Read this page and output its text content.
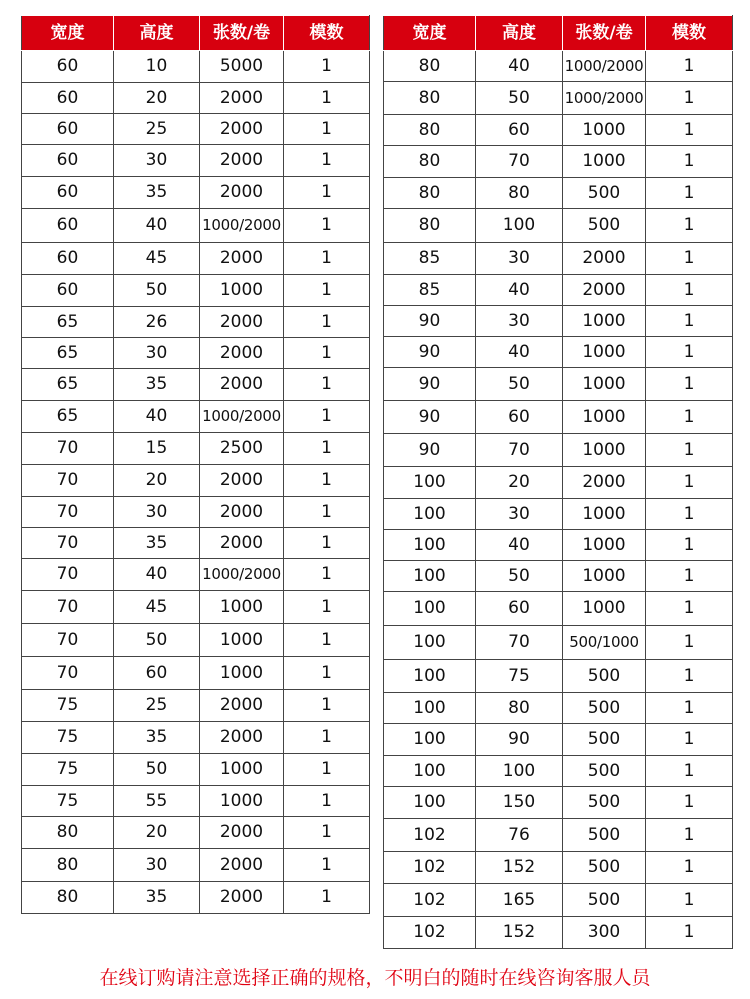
宽度	高度	张数/卷	模数
60	10	5000	1
60	20	2000	1
60	25	2000	1
60	30	2000	1
60	35	2000	1
60	40	1000/2000	1
60	45	2000	1
60	50	1000	1
65	26	2000	1
65	30	2000	1
65	35	2000	1
65	40	1000/2000	1
70	15	2500	1
70	20	2000	1
70	30	2000	1
70	35	2000	1
70	40	1000/2000	1
70	45	1000	1
70	50	1000	1
70	60	1000	1
75	25	2000	1
75	35	2000	1
75	50	1000	1
75	55	1000	1
80	20	2000	1
80	30	2000	1
80	35	2000	1
宽度	高度	张数/卷	模数
80	40	1000/2000	1
80	50	1000/2000	1
80	60	1000	1
80	70	1000	1
80	80	500	1
80	100	500	1
85	30	2000	1
85	40	2000	1
90	30	1000	1
90	40	1000	1
90	50	1000	1
90	60	1000	1
90	70	1000	1
100	20	2000	1
100	30	1000	1
100	40	1000	1
100	50	1000	1
100	60	1000	1
100	70	500/1000	1
100	75	500	1
100	80	500	1
100	90	500	1
100	100	500	1
100	150	500	1
102	76	500	1
102	152	500	1
102	165	500	1
102	152	300	1
在线订购请注意选择正确的规格，不明白的随时在线咨询客服人员
